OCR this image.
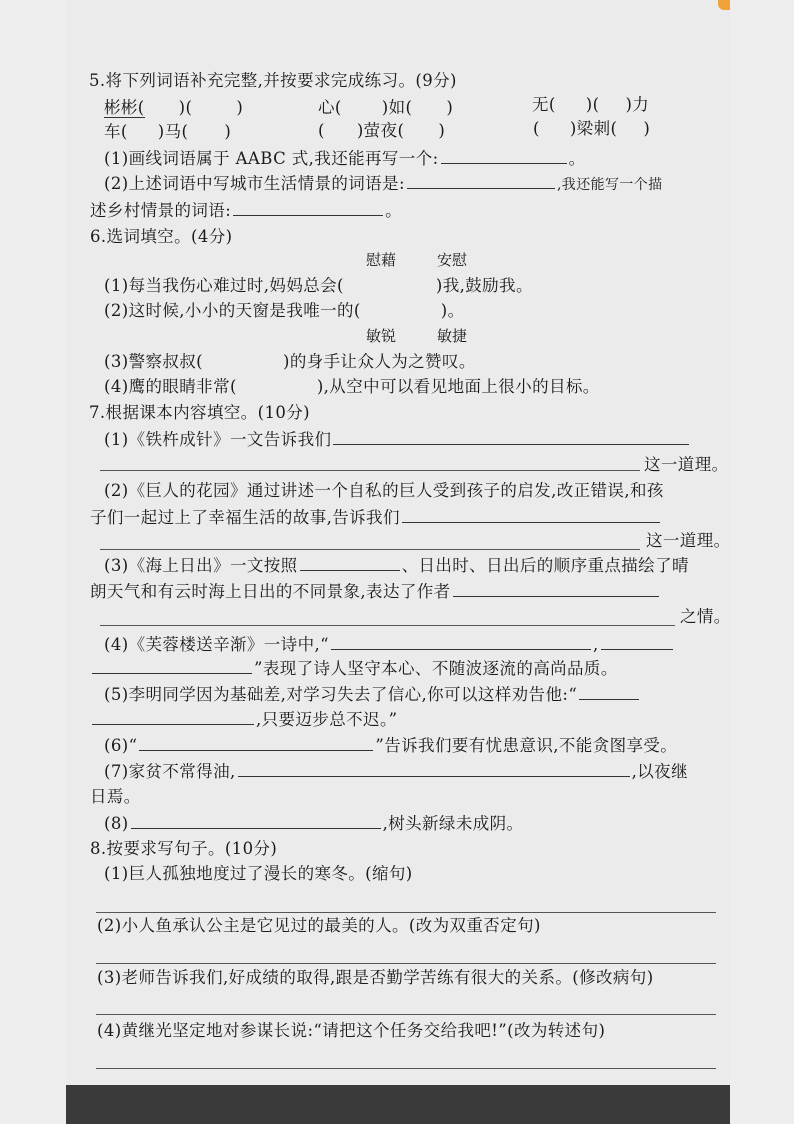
5.将下列词语补充完整,并按要求完成练习。(9分)
彬彬( )(	)	心( )如( )	无( )( )力
车( )马( )	( )萤夜( )	( )梁刺( )
(1)画线词语属于 AABC 式,我还能再写一个:	。
(2)上述词语中写城市生活情景的词语是:	,我还能写一个描
述乡村情景的词语:	。
6.选词填空。(4分)
慰藉	安慰
(1)每当我伤心难过时,妈妈总会(	)我,鼓励我。
(2)这时候,小小的天窗是我唯一的(	)。
敏锐	敏捷
(3)警察叔叔(	)的身手让众人为之赞叹。
(4)鹰的眼睛非常(	),从空中可以看见地面上很小的目标。
7.根据课本内容填空。(10分)
(1)《铁杵成针》一文告诉我们
这一道理。
(2)《巨人的花园》通过讲述一个自私的巨人受到孩子的启发,改正错误,和孩
子们一起过上了幸福生活的故事,告诉我们
这一道理。
(3)《海上日出》一文按照	、日出时、日出后的顺序重点描绘了晴
朗天气和有云时海上日出的不同景象,表达了作者
之情。
(4)《芙蓉楼送辛渐》一诗中,“	,
”表现了诗人坚守本心、不随波逐流的高尚品质。
(5)李明同学因为基础差,对学习失去了信心,你可以这样劝告他:“
,只要迈步总不迟。”
(6)“	”告诉我们要有忧患意识,不能贪图享受。
(7)家贫不常得油,	,以夜继
日焉。
(8)	,树头新绿未成阴。
8.按要求写句子。(10分)
(1)巨人孤独地度过了漫长的寒冬。(缩句)
(2)小人鱼承认公主是它见过的最美的人。(改为双重否定句)
(3)老师告诉我们,好成绩的取得,跟是否勤学苦练有很大的关系。(修改病句)
(4)黄继光坚定地对参谋长说:“请把这个任务交给我吧!”(改为转述句)
